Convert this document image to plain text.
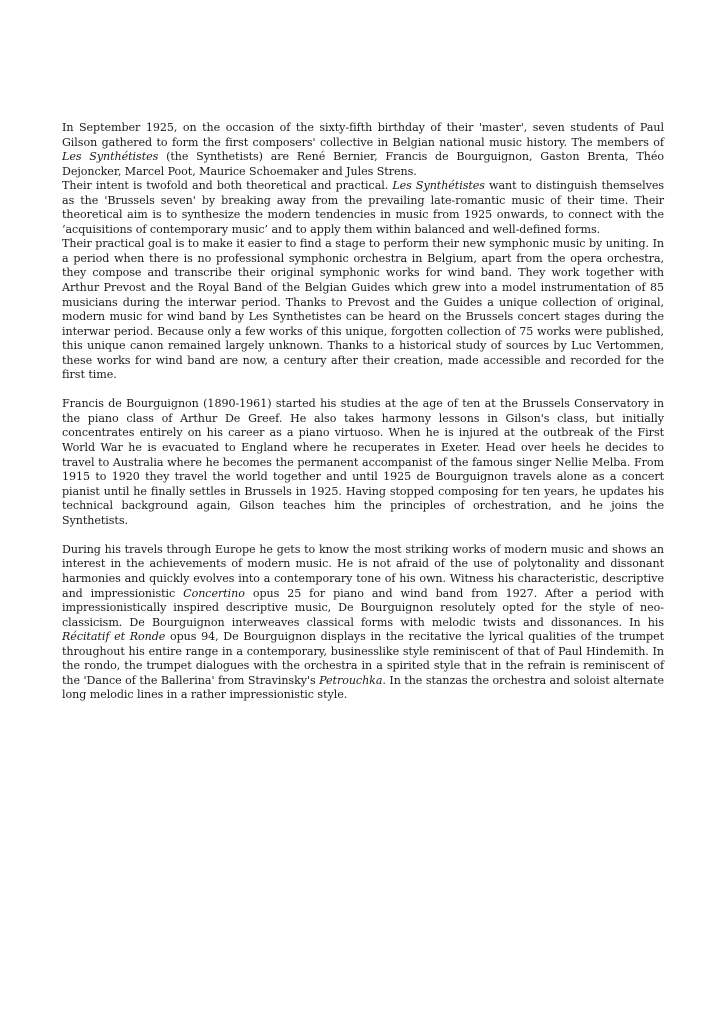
In September 1925, on the occasion of the sixty-fifth birthday of their 'master', seven students of Paul Gilson gathered to form the first composers' collective in Belgian national music history. The members of Les Synthétistes (the Synthetists) are René Bernier, Francis de Bourguignon, Gaston Brenta, Théo Dejoncker, Marcel Poot, Maurice Schoemaker and Jules Strens.

Their intent is twofold and both theoretical and practical. Les Synthétistes want to distinguish themselves as the 'Brussels seven' by breaking away from the prevailing late-romantic music of their time. Their theoretical aim is to synthesize the modern tendencies in music from 1925 onwards, to connect with the ‘acquisitions of contemporary music’ and to apply them within balanced and well-defined forms.

Their practical goal is to make it easier to find a stage to perform their new symphonic music by uniting. In a period when there is no professional symphonic orchestra in Belgium, apart from the opera orchestra, they compose and transcribe their original symphonic works for wind band. They work together with Arthur Prevost and the Royal Band of the Belgian Guides which grew into a model instrumentation of 85 musicians during the interwar period. Thanks to Prevost and the Guides a unique collection of original, modern music for wind band by Les Synthetistes can be heard on the Brussels concert stages during the interwar period. Because only a few works of this unique, forgotten collection of 75 works were published, this unique canon remained largely unknown. Thanks to a historical study of sources by Luc Vertommen, these works for wind band are now, a century after their creation, made accessible and recorded for the first time.

Francis de Bourguignon (1890-1961) started his studies at the age of ten at the Brussels Conservatory in the piano class of Arthur De Greef. He also takes harmony lessons in Gilson's class, but initially concentrates entirely on his career as a piano virtuoso. When he is injured at the outbreak of the First World War he is evacuated to England where he recuperates in Exeter. Head over heels he decides to travel to Australia where he becomes the permanent accompanist of the famous singer Nellie Melba. From 1915 to 1920 they travel the world together and until 1925 de Bourguignon travels alone as a concert pianist until he finally settles in Brussels in 1925. Having stopped composing for ten years, he updates his technical background again, Gilson teaches him the principles of orchestration, and he joins the Synthetists.

During his travels through Europe he gets to know the most striking works of modern music and shows an interest in the achievements of modern music. He is not afraid of the use of polytonality and dissonant harmonies and quickly evolves into a contemporary tone of his own. Witness his characteristic, descriptive and impressionistic Concertino opus 25 for piano and wind band from 1927. After a period with impressionistically inspired descriptive music, De Bourguignon resolutely opted for the style of neo-classicism. De Bourguignon interweaves classical forms with melodic twists and dissonances. In his Récitatif et Ronde opus 94, De Bourguignon displays in the recitative the lyrical qualities of the trumpet throughout his entire range in a contemporary, businesslike style reminiscent of that of Paul Hindemith. In the rondo, the trumpet dialogues with the orchestra in a spirited style that in the refrain is reminiscent of the 'Dance of the Ballerina' from Stravinsky's Petrouchka. In the stanzas the orchestra and soloist alternate long melodic lines in a rather impressionistic style.
